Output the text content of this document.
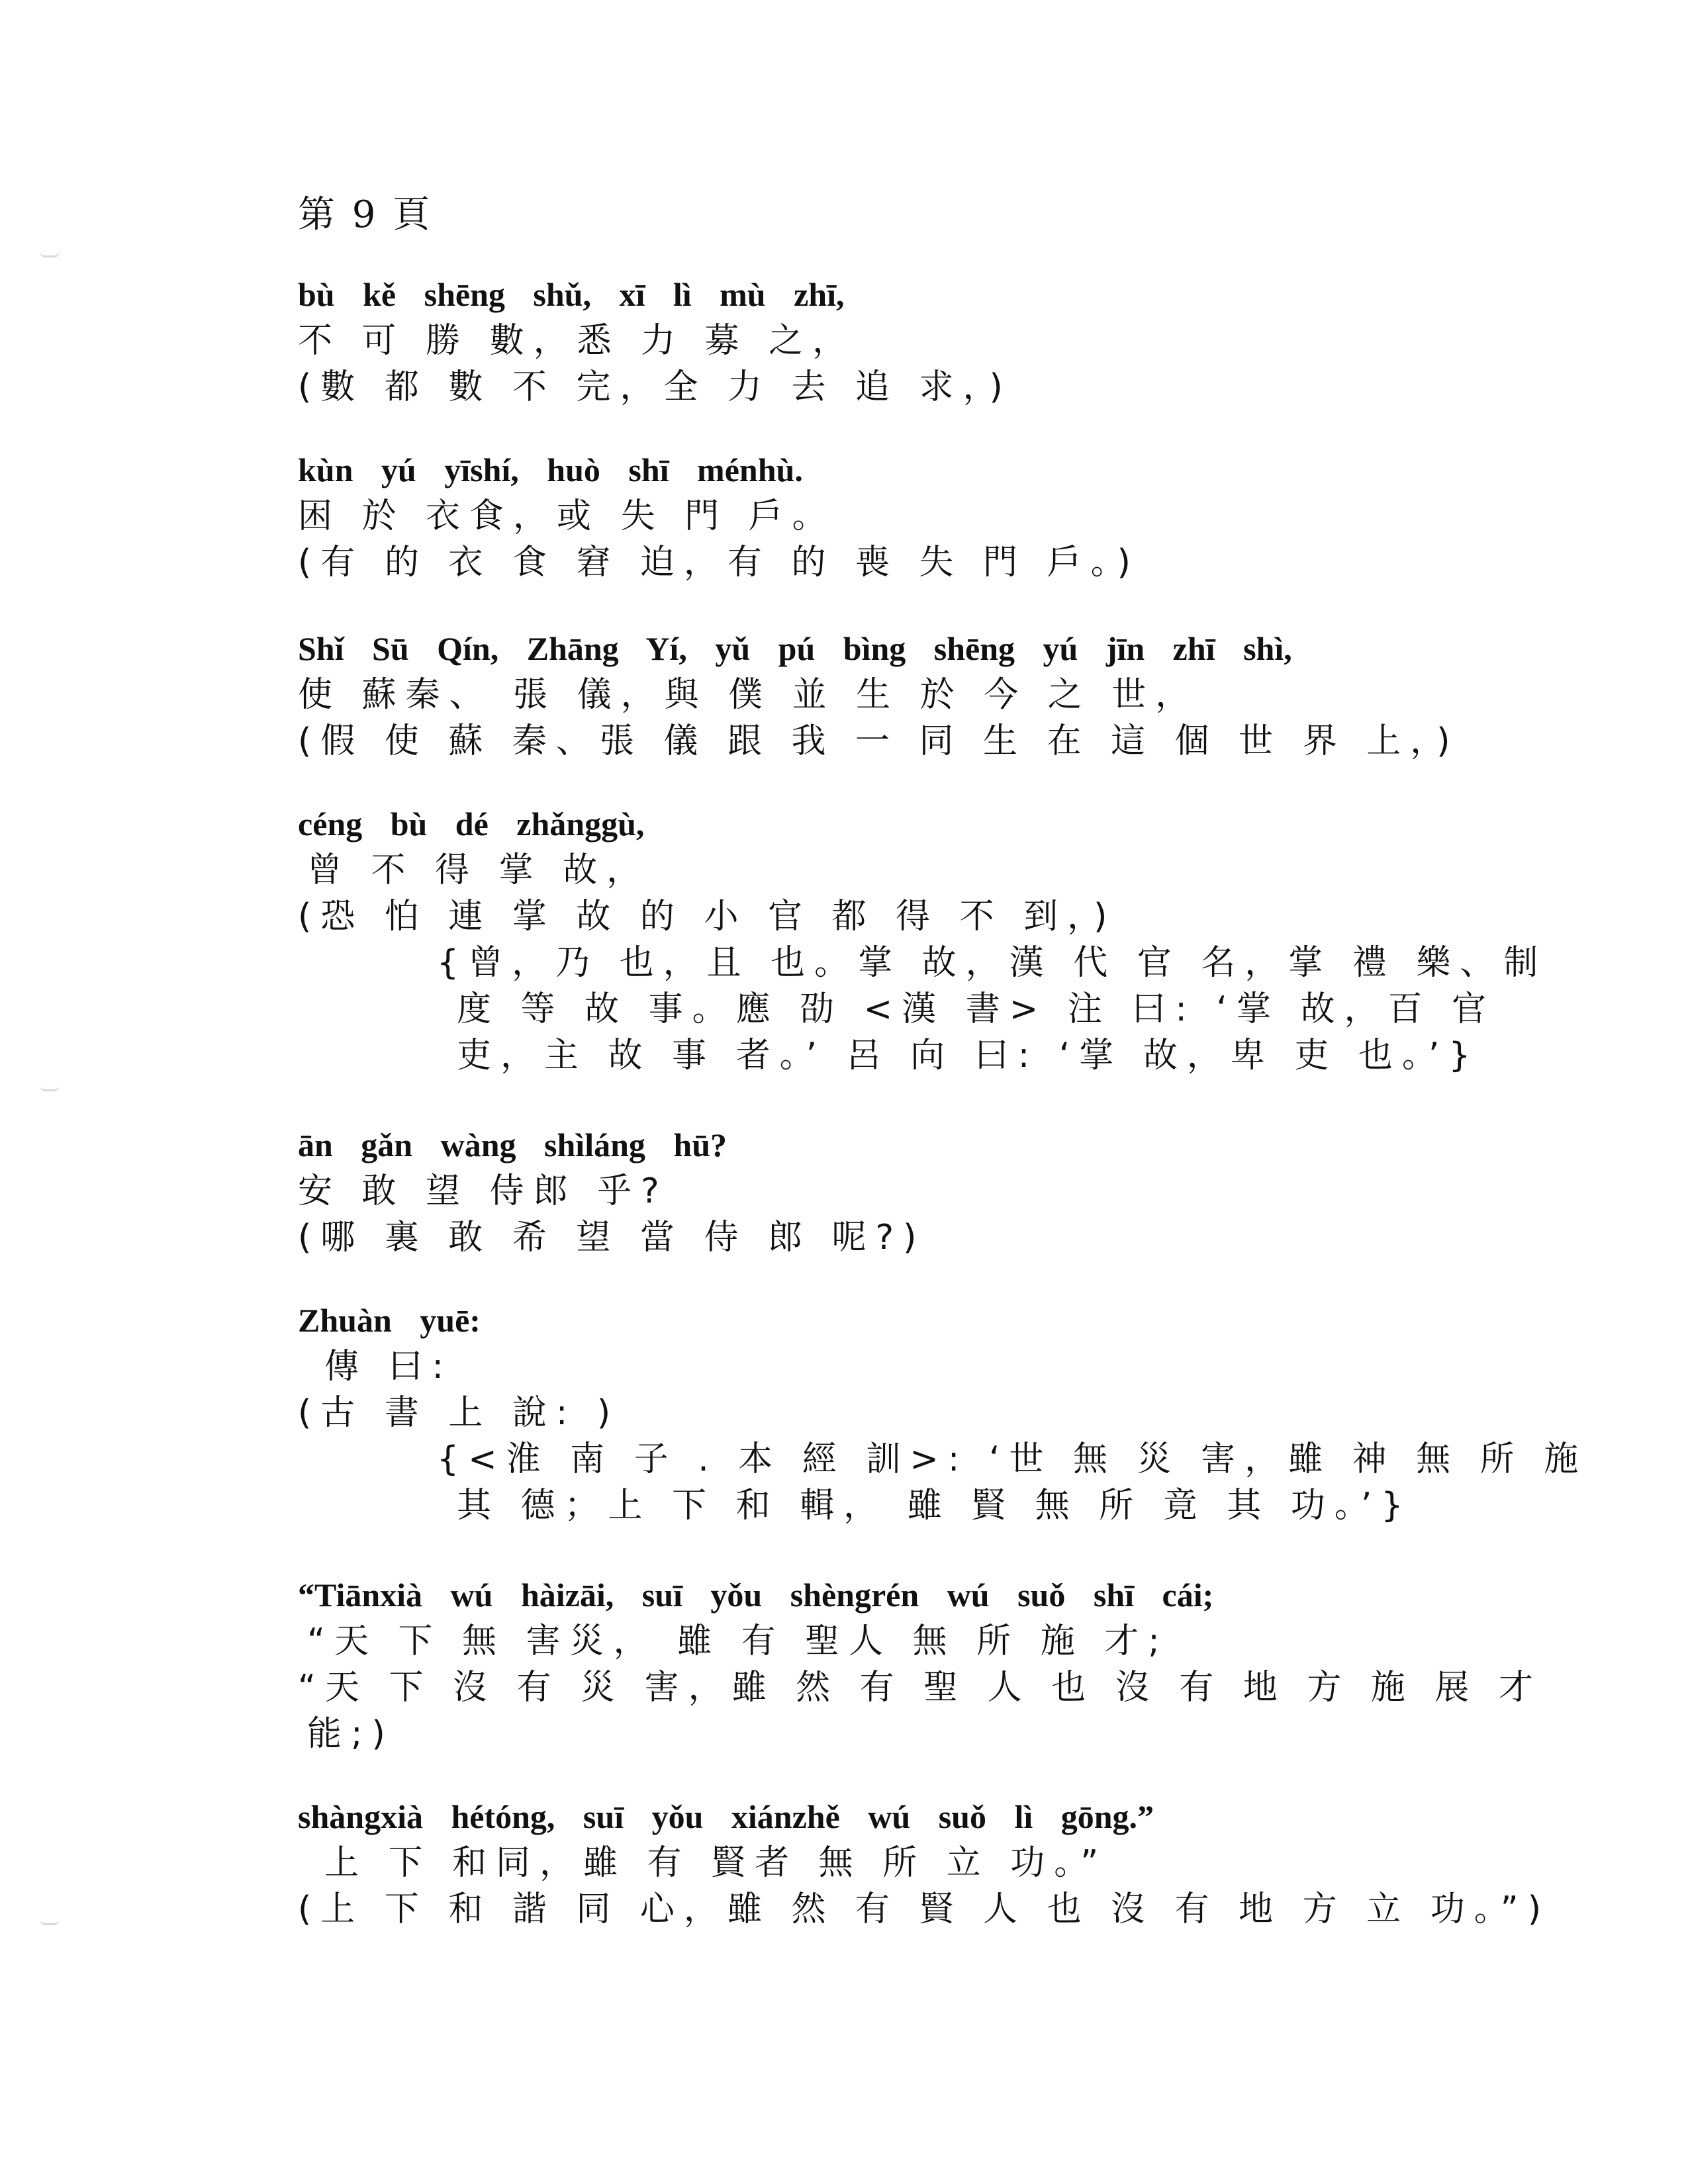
第 9 頁
bù kě shēng shǔ, xī lì mù zhī,
不 可 勝 數，悉 力 募 之，
(數 都 數 不 完，全 力 去 追 求，)
kùn yú yīshí, huò shī ménhù.
困 於 衣食，或 失 門 戶。
(有 的 衣 食 窘 迫，有 的 喪 失 門 戶。)
Shǐ Sū Qín, Zhāng Yí, yǔ pú bìng shēng yú jīn zhī shì,
使 蘇秦、 張 儀，與 僕 並 生 於 今 之 世，
(假 使 蘇 秦、張 儀 跟 我 一 同 生 在 這 個 世 界 上，)
céng bù dé zhǎnggù,
曾 不 得 掌 故，
(恐 怕 連 掌 故 的 小 官 都 得 不 到，)
{曾，乃 也，且 也。掌 故，漢 代 官 名，掌 禮 樂、制
度 等 故 事。應 劭 <漢 書> 注 曰: ‘掌 故，百 官
吏，主 故 事 者。’ 呂 向 曰: ‘掌 故，卑 吏 也。’}
ān gǎn wàng shìláng hū?
安 敢 望 侍郎 乎?
(哪 裏 敢 希 望 當 侍 郎 呢?)
Zhuàn yuē:
傳 曰:
(古 書 上 說: )
{<淮 南 子 . 本 經 訓>: ‘世 無 災 害，雖 神 無 所 施
其 德；上 下 和 輯， 雖 賢 無 所 竟 其 功。’}
“Tiānxià wú hàizāi, suī yǒu shèngrén wú suǒ shī cái;
“天 下 無 害災， 雖 有 聖人 無 所 施 才;
“天 下 沒 有 災 害，雖 然 有 聖 人 也 沒 有 地 方 施 展 才
能;)
shàngxià hétóng, suī yǒu xiánzhě wú suǒ lì gōng.”
上 下 和同，雖 有 賢者 無 所 立 功。”
(上 下 和 諧 同 心，雖 然 有 賢 人 也 沒 有 地 方 立 功。”)
